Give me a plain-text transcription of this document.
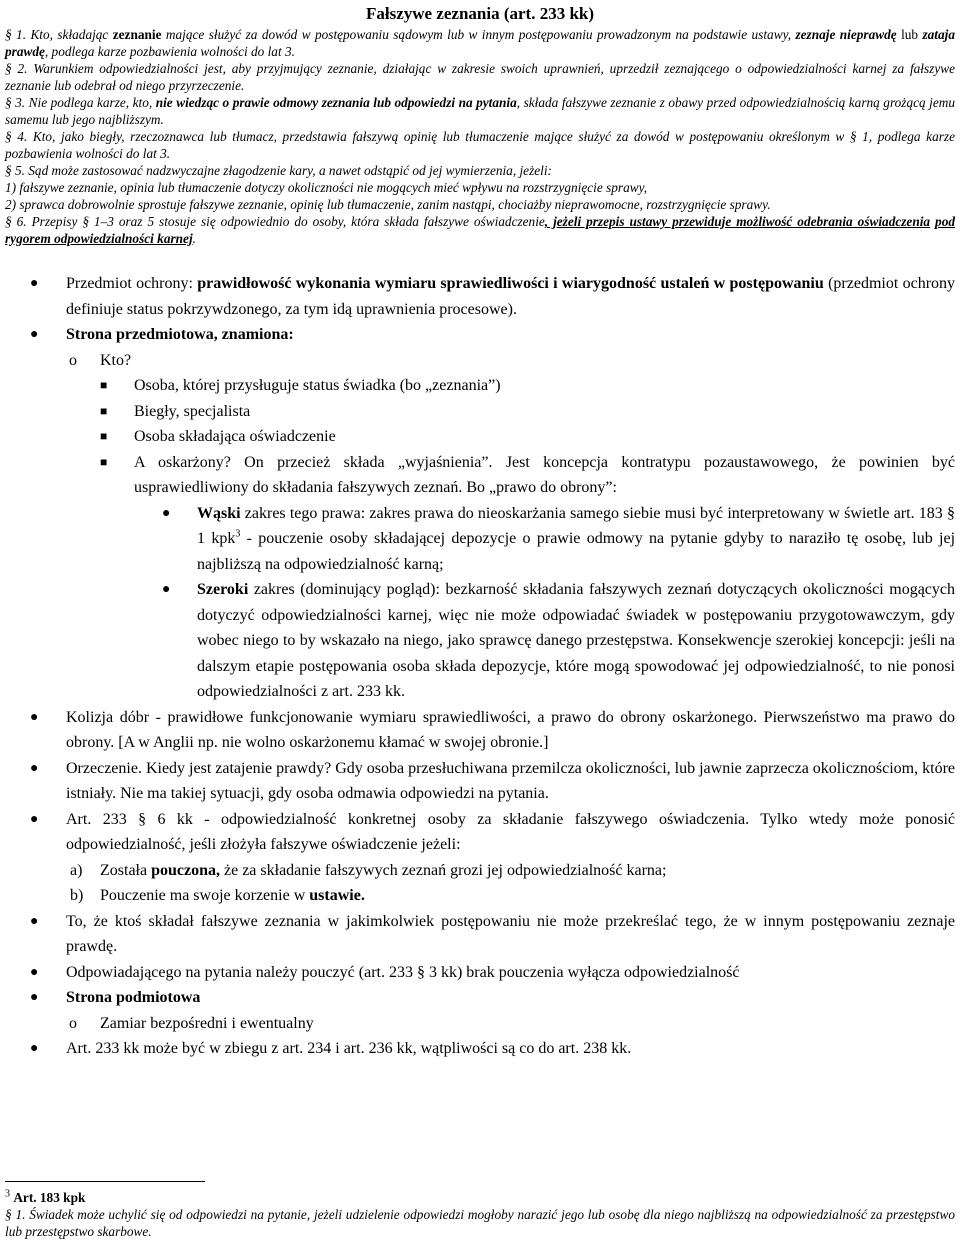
Fałszywe zeznania (art. 233 kk)

§ 1. Kto, składając zeznanie mające służyć za dowód w postępowaniu sądowym lub w innym postępowaniu prowadzonym na podstawie ustawy, zeznaje nieprawdę lub zataja prawdę, podlega karze pozbawienia wolności do lat 3.

§ 2. Warunkiem odpowiedzialności jest, aby przyjmujący zeznanie, działając w zakresie swoich uprawnień, uprzedził zeznającego o odpowiedzialności karnej za fałszywe zeznanie lub odebrał od niego przyrzeczenie.

§ 3. Nie podlega karze, kto, nie wiedząc o prawie odmowy zeznania lub odpowiedzi na pytania, składa fałszywe zeznanie z obawy przed odpowiedzialnością karną grożącą jemu samemu lub jego najbliższym.

§ 4. Kto, jako biegły, rzeczoznawca lub tłumacz, przedstawia fałszywą opinię lub tłumaczenie mające służyć za dowód w postępowaniu określonym w § 1, podlega karze pozbawienia wolności do lat 3.

§ 5. Sąd może zastosować nadzwyczajne złagodzenie kary, a nawet odstąpić od jej wymierzenia, jeżeli:

1) fałszywe zeznanie, opinia lub tłumaczenie dotyczy okoliczności nie mogących mieć wpływu na rozstrzygnięcie sprawy,

2) sprawca dobrowolnie sprostuje fałszywe zeznanie, opinię lub tłumaczenie, zanim nastąpi, chociażby nieprawomocne, rozstrzygnięcie sprawy.

§ 6. Przepisy § 1–3 oraz 5 stosuje się odpowiednio do osoby, która składa fałszywe oświadczenie, jeżeli przepis ustawy przewiduje możliwość odebrania oświadczenia pod rygorem odpowiedzialności karnej.

● Przedmiot ochrony: prawidłowość wykonania wymiaru sprawiedliwości i wiarygodność ustaleń w postępowaniu (przedmiot ochrony definiuje status pokrzywdzonego, za tym idą uprawnienia procesowe).
● Strona przedmiotowa, znamiona:
o Kto?
■ Osoba, której przysługuje status świadka (bo „zeznania”)
■ Biegły, specjalista
■ Osoba składająca oświadczenie
■ A oskarżony? On przecież składa „wyjaśnienia”. Jest koncepcja kontratypu pozaustawowego, że powinien być usprawiedliwiony do składania fałszywych zeznań. Bo „prawo do obrony”:
● Wąski zakres tego prawa: zakres prawa do nieoskarżania samego siebie musi być interpretowany w świetle art. 183 § 1 kpk$^3$ - pouczenie osoby składającej depozycje o prawie odmowy na pytanie gdyby to naraziło tę osobę, lub jej najbliższą na odpowiedzialność karną;
● Szeroki zakres (dominujący pogląd): bezkarność składania fałszywych zeznań dotyczących okoliczności mogących dotyczyć odpowiedzialności karnej, więc nie może odpowiadać świadek w postępowaniu przygotowawczym, gdy wobec niego to by wskazało na niego, jako sprawcę danego przestępstwa. Konsekwencje szerokiej koncepcji: jeśli na dalszym etapie postępowania osoba składa depozycje, które mogą spowodować jej odpowiedzialność, to nie ponosi odpowiedzialności z art. 233 kk.
● Kolizja dóbr - prawidłowe funkcjonowanie wymiaru sprawiedliwości, a prawo do obrony oskarżonego. Pierwszeństwo ma prawo do obrony. [A w Anglii np. nie wolno oskarżonemu kłamać w swojej obronie.]
● Orzeczenie. Kiedy jest zatajenie prawdy? Gdy osoba przesłuchiwana przemilcza okoliczności, lub jawnie zaprzecza okolicznościom, które istniały. Nie ma takiej sytuacji, gdy osoba odmawia odpowiedzi na pytania.
● Art. 233 § 6 kk - odpowiedzialność konkretnej osoby za składanie fałszywego oświadczenia. Tylko wtedy może ponosić odpowiedzialność, jeśli złożyła fałszywe oświadczenie jeżeli:
a) Została pouczona, że za składanie fałszywych zeznań grozi jej odpowiedzialność karna;
b) Pouczenie ma swoje korzenie w ustawie.
● To, że ktoś składał fałszywe zeznania w jakimkolwiek postępowaniu nie może przekreślać tego, że w innym postępowaniu zeznaje prawdę.
● Odpowiadającego na pytania należy pouczyć (art. 233 § 3 kk) brak pouczenia wyłącza odpowiedzialność
● Strona podmiotowa
o Zamiar bezpośredni i ewentualny
● Art. 233 kk może być w zbiegu z art. 234 i art. 236 kk, wątpliwości są co do art. 238 kk.
$^3$ Art. 183 kpk
§ 1. Świadek może uchylić się od odpowiedzi na pytanie, jeżeli udzielenie odpowiedzi mogłoby narazić jego lub osobę dla niego najbliższą na odpowiedzialność za przestępstwo lub przestępstwo skarbowe.
